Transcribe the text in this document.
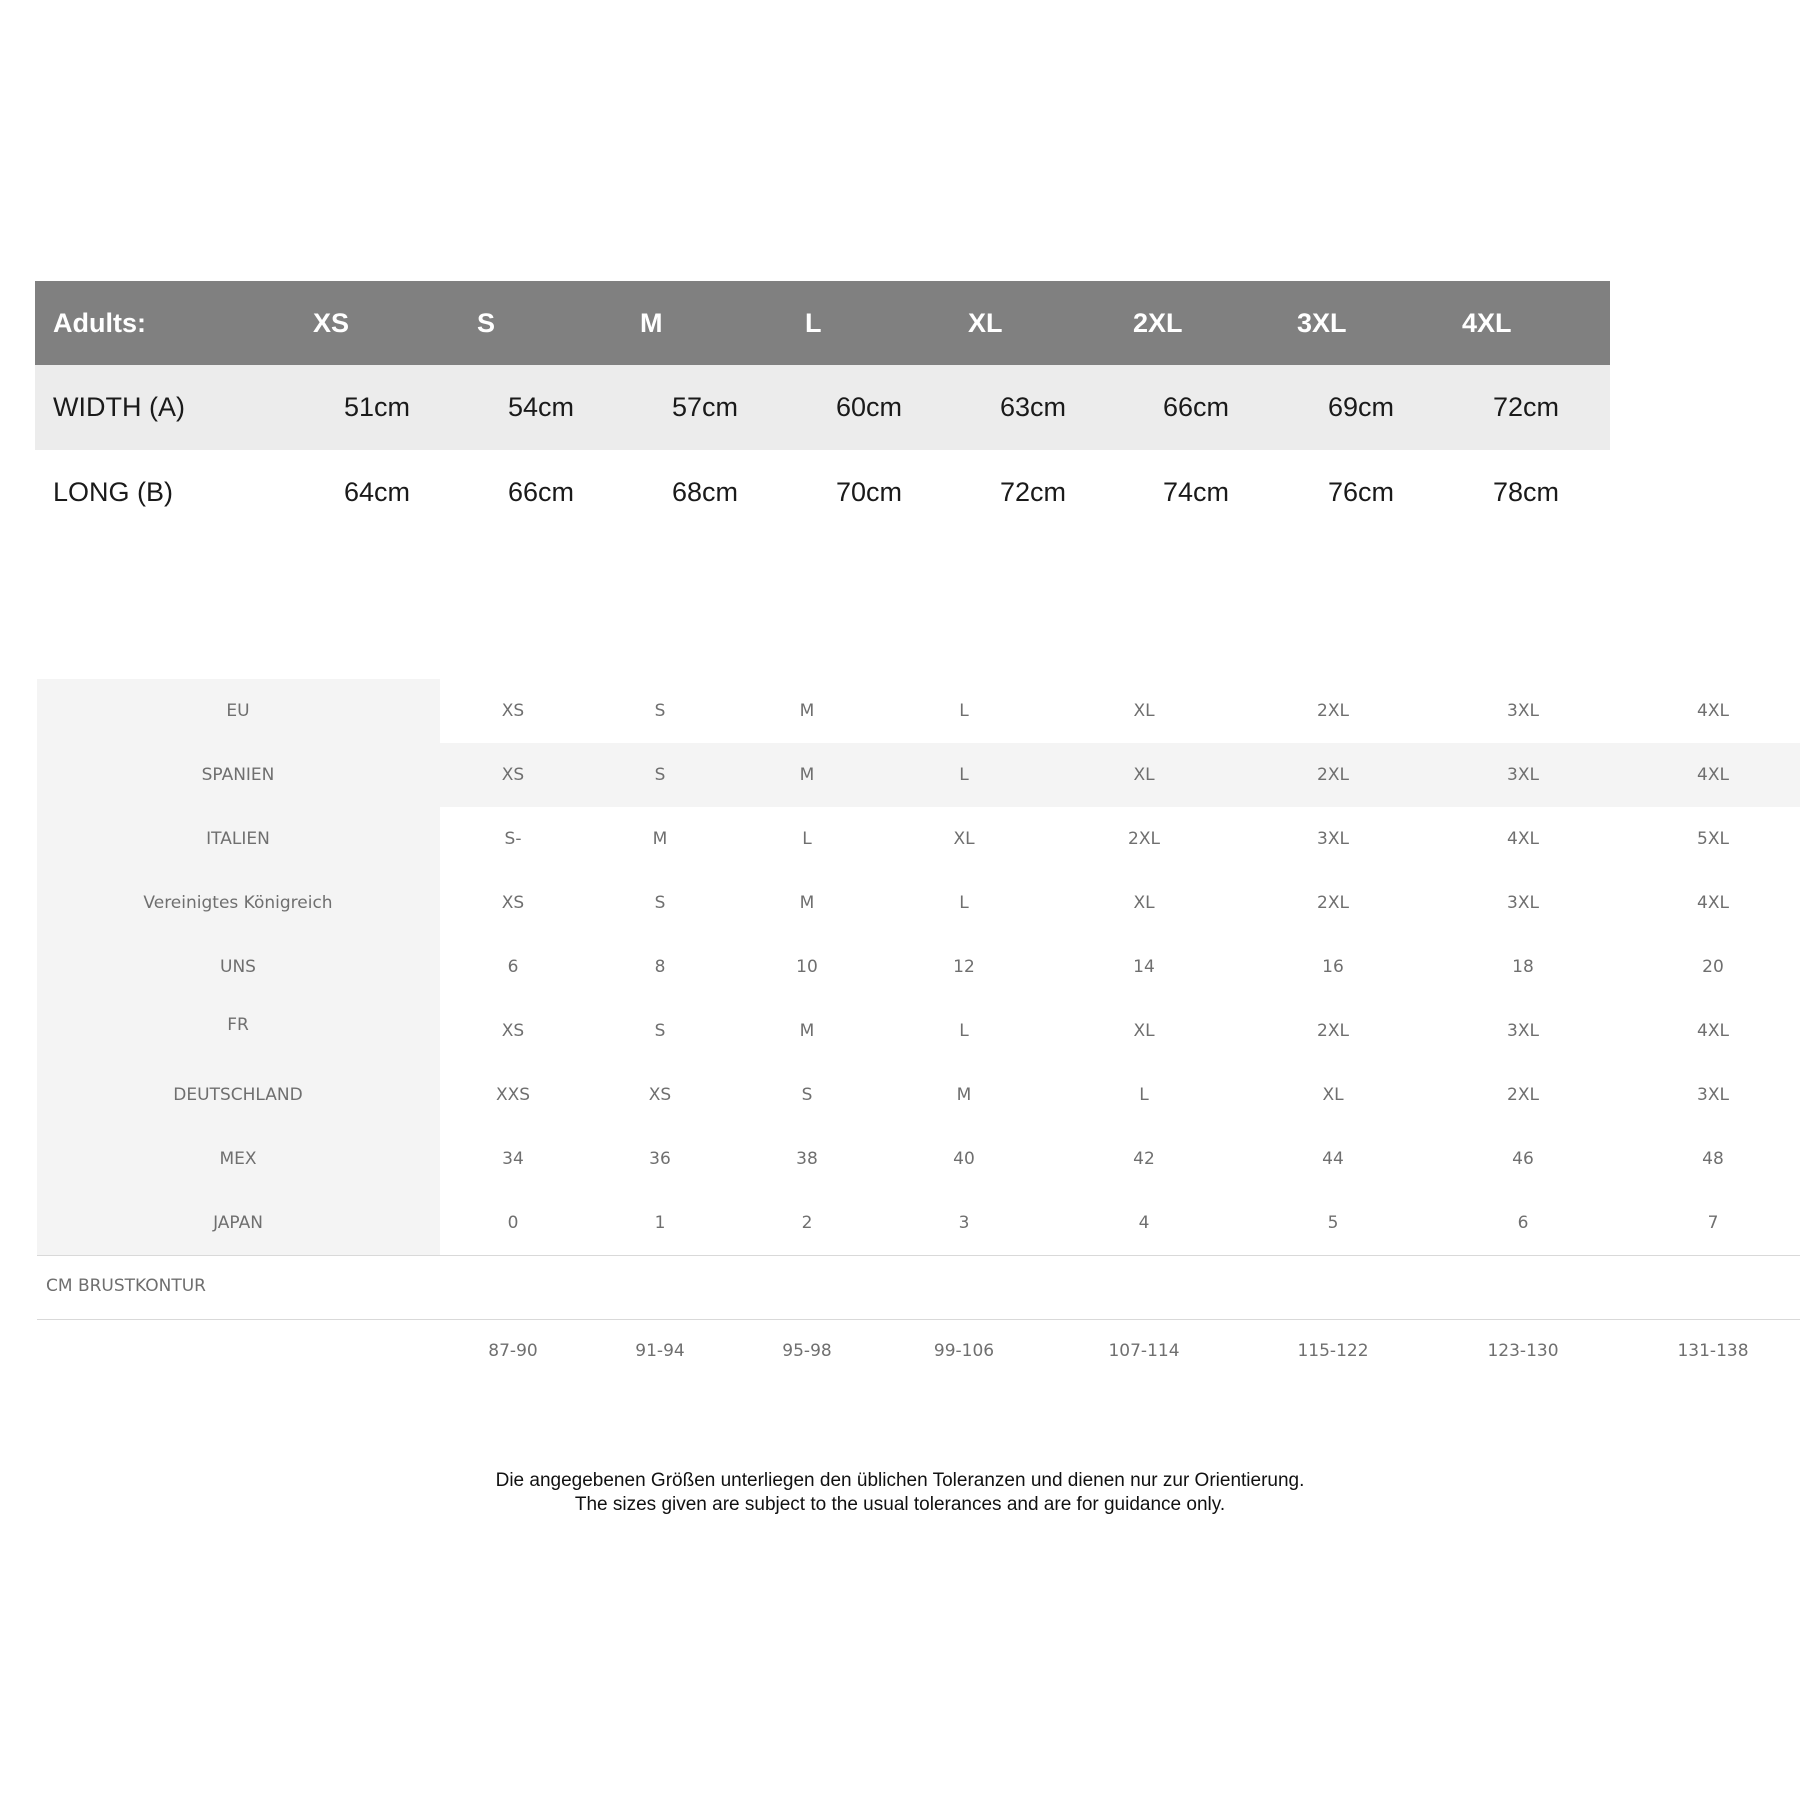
Adults:	XS	S	M	L	XL	2XL	3XL	4XL
WIDTH (A)	51cm	54cm	57cm	60cm	63cm	66cm	69cm	72cm
LONG (B)	64cm	66cm	68cm	70cm	72cm	74cm	76cm	78cm
EU	XS	S	M	L	XL	2XL	3XL	4XL
SPANIEN	XS	S	M	L	XL	2XL	3XL	4XL
ITALIEN	S-	M	L	XL	2XL	3XL	4XL	5XL
Vereinigtes Königreich	XS	S	M	L	XL	2XL	3XL	4XL
UNS	6	8	10	12	14	16	18	20
FR	XS	S	M	L	XL	2XL	3XL	4XL
DEUTSCHLAND	XXS	XS	S	M	L	XL	2XL	3XL
MEX	34	36	38	40	42	44	46	48
JAPAN	0	1	2	3	4	5	6	7
CM BRUSTKONTUR
87-90	91-94	95-98	99-106	107-114	115-122	123-130	131-138
Die angegebenen Größen unterliegen den üblichen Toleranzen und dienen nur zur Orientierung.
The sizes given are subject to the usual tolerances and are for guidance only.
